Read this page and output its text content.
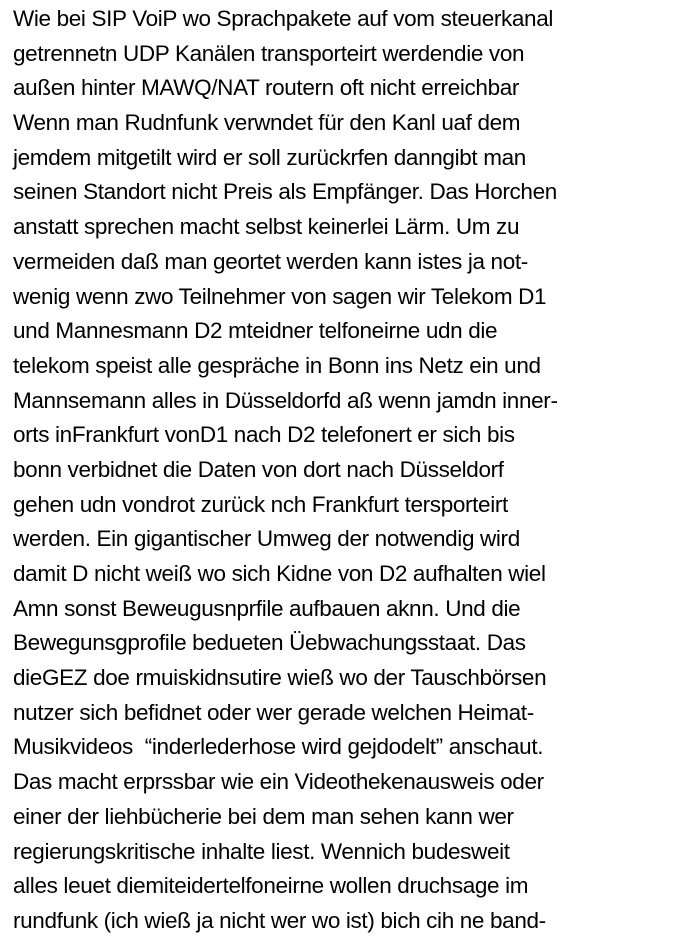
Wie bei SIP VoiP wo Sprachpakete auf vom steuerkanal
getrennetn UDP Kanälen transporteirt werdendie von
außen hinter MAWQ/NAT routern oft nicht erreichbar
Wenn man Rudnfunk verwndet für den Kanl uaf dem
jemdem mitgetilt wird er soll zurückrfen danngibt man
seinen Standort nicht Preis als Empfänger. Das Horchen
anstatt sprechen macht selbst keinerlei Lärm. Um zu
vermeiden daß man geortet werden kann istes ja not-
wenig wenn zwo Teilnehmer von sagen wir Telekom D1
und Mannesmann D2 mteidner telfoneirne udn die
telekom speist alle gespräche in Bonn ins Netz ein und
Mannsemann alles in Düsseldorfd aß wenn jamdn inner-
orts inFrankfurt vonD1 nach D2 telefonert er sich bis
bonn verbidnet die Daten von dort nach Düsseldorf
gehen udn vondrot zurück nch Frankfurt tersporteirt
werden. Ein gigantischer Umweg der notwendig wird
damit D nicht weiß wo sich Kidne von D2 aufhalten wiel
Amn sonst Beweugusnprfile aufbauen aknn. Und die
Bewegunsgprofile bedueten Üebwachungsstaat. Das
dieGEZ doe rmuiskidnsutire wieß wo der Tauschbörsen
nutzer sich befidnet oder wer gerade welchen Heimat-
Musikvideos  “inderlederhose wird gejdodelt” anschaut.
Das macht erprssbar wie ein Videothekenausweis oder
einer der liehbücherie bei dem man sehen kann wer
regierungskritische inhalte liest. Wennich budesweit
alles leuet diemiteidertelfoneirne wollen druchsage im
rundfunk (ich wieß ja nicht wer wo ist) bich cih ne band-
